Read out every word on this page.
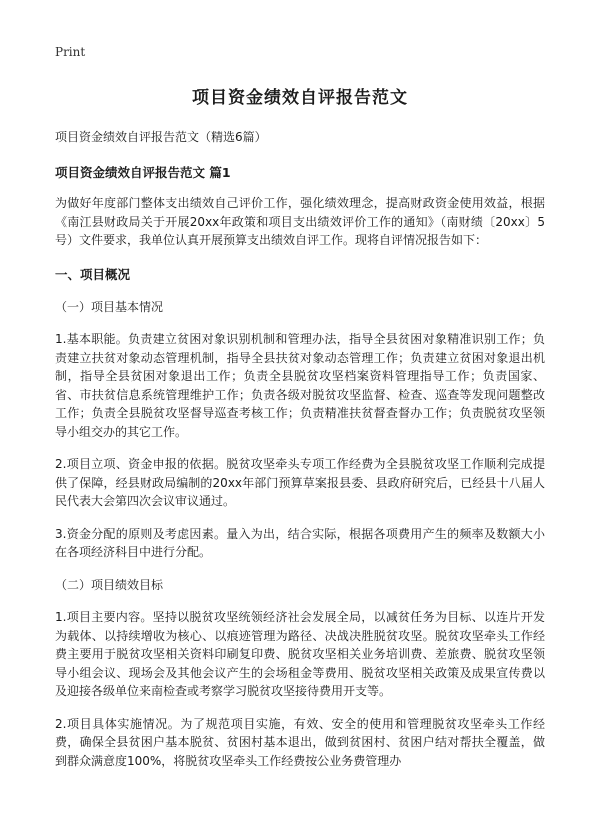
Print
项目资金绩效自评报告范文
项目资金绩效自评报告范文（精选6篇）
项目资金绩效自评报告范文 篇1

为做好年度部门整体支出绩效自己评价工作，强化绩效理念，提高财政资金使用效益，根据《南江县财政局关于开展20xx年政策和项目支出绩效评价工作的通知》（南财绩〔20xx〕5号）文件要求，我单位认真开展预算支出绩效自评工作。现将自评情况报告如下：

一、项目概况

（一）项目基本情况

1.基本职能。负责建立贫困对象识别机制和管理办法，指导全县贫困对象精准识别工作；负责建立扶贫对象动态管理机制，指导全县扶贫对象动态管理工作；负责建立贫困对象退出机制，指导全县贫困对象退出工作；负责全县脱贫攻坚档案资料管理指导工作；负责国家、省、市扶贫信息系统管理维护工作；负责各级对脱贫攻坚监督、检查、巡查等发现问题整改工作；负责全县脱贫攻坚督导巡查考核工作；负责精准扶贫督查督办工作；负责脱贫攻坚领导小组交办的其它工作。

2.项目立项、资金申报的依据。脱贫攻坚牵头专项工作经费为全县脱贫攻坚工作顺利完成提供了保障，经县财政局编制的20xx年部门预算草案报县委、县政府研究后，已经县十八届人民代表大会第四次会议审议通过。

3.资金分配的原则及考虑因素。量入为出，结合实际，根据各项费用产生的频率及数额大小在各项经济科目中进行分配。

（二）项目绩效目标

1.项目主要内容。坚持以脱贫攻坚统领经济社会发展全局，以减贫任务为目标、以连片开发为载体、以持续增收为核心、以痕迹管理为路径、决战决胜脱贫攻坚。脱贫攻坚牵头工作经费主要用于脱贫攻坚相关资料印刷复印费、脱贫攻坚相关业务培训费、差旅费、脱贫攻坚领导小组会议、现场会及其他会议产生的会场租金等费用、脱贫攻坚相关政策及成果宣传费以及迎接各级单位来南检查或考察学习脱贫攻坚接待费用开支等。

2.项目具体实施情况。为了规范项目实施，有效、安全的使用和管理脱贫攻坚牵头工作经费，确保全县贫困户基本脱贫、贫困村基本退出，做到贫困村、贫困户结对帮扶全覆盖，做到群众满意度100%，将脱贫攻坚牵头工作经费按公业务费管理办
